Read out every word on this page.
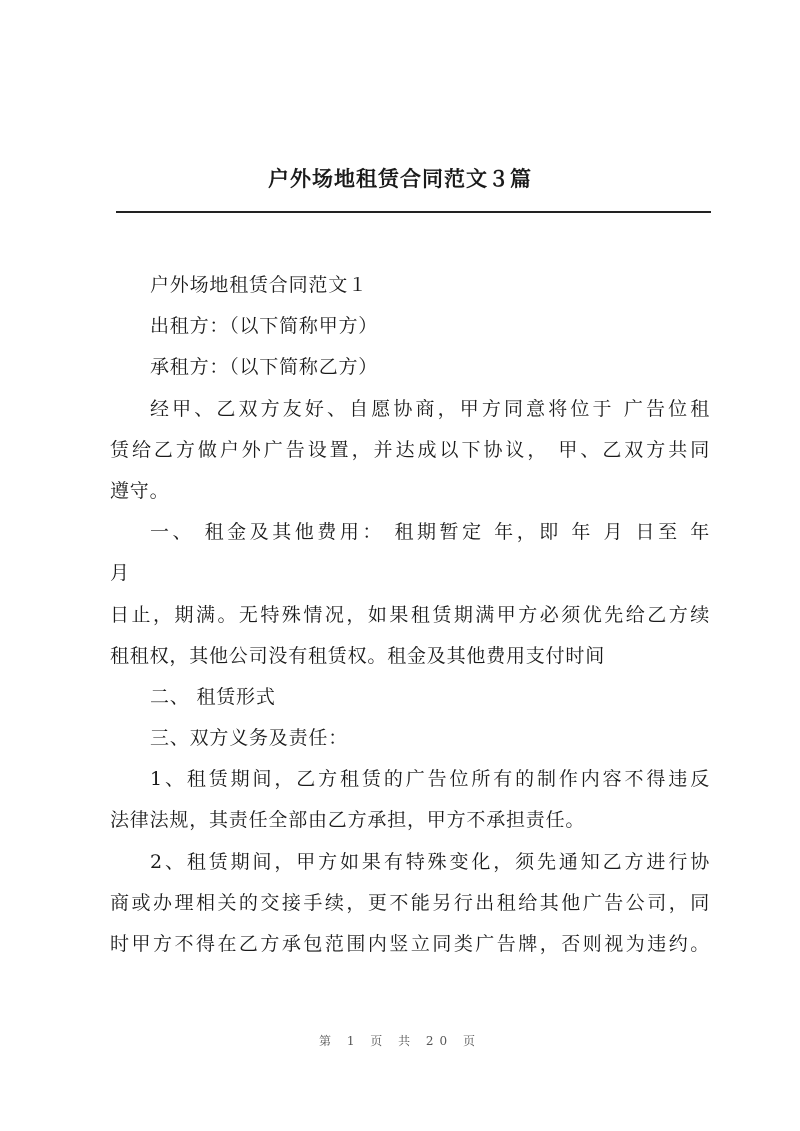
户外场地租赁合同范文３篇

户外场地租赁合同范文１

出租方：（以下简称甲方）

承租方：（以下简称乙方）

经甲、乙双方友好、自愿协商，甲方同意将位于 广告位租

赁给乙方做户外广告设置，并达成以下协议， 甲、乙双方共同

遵守。

一、 租金及其他费用： 租期暂定 年，即 年 月 日至 年

月

日止，期满。无特殊情况，如果租赁期满甲方必须优先给乙方续

租租权，其他公司没有租赁权。租金及其他费用支付时间

二、 租赁形式

三、双方义务及责任：

1、租赁期间，乙方租赁的广告位所有的制作内容不得违反

法律法规，其责任全部由乙方承担，甲方不承担责任。

2、租赁期间，甲方如果有特殊变化，须先通知乙方进行协

商或办理相关的交接手续，更不能另行出租给其他广告公司，同

时甲方不得在乙方承包范围内竖立同类广告牌，否则视为违约。

第 1 页 共 20 页
